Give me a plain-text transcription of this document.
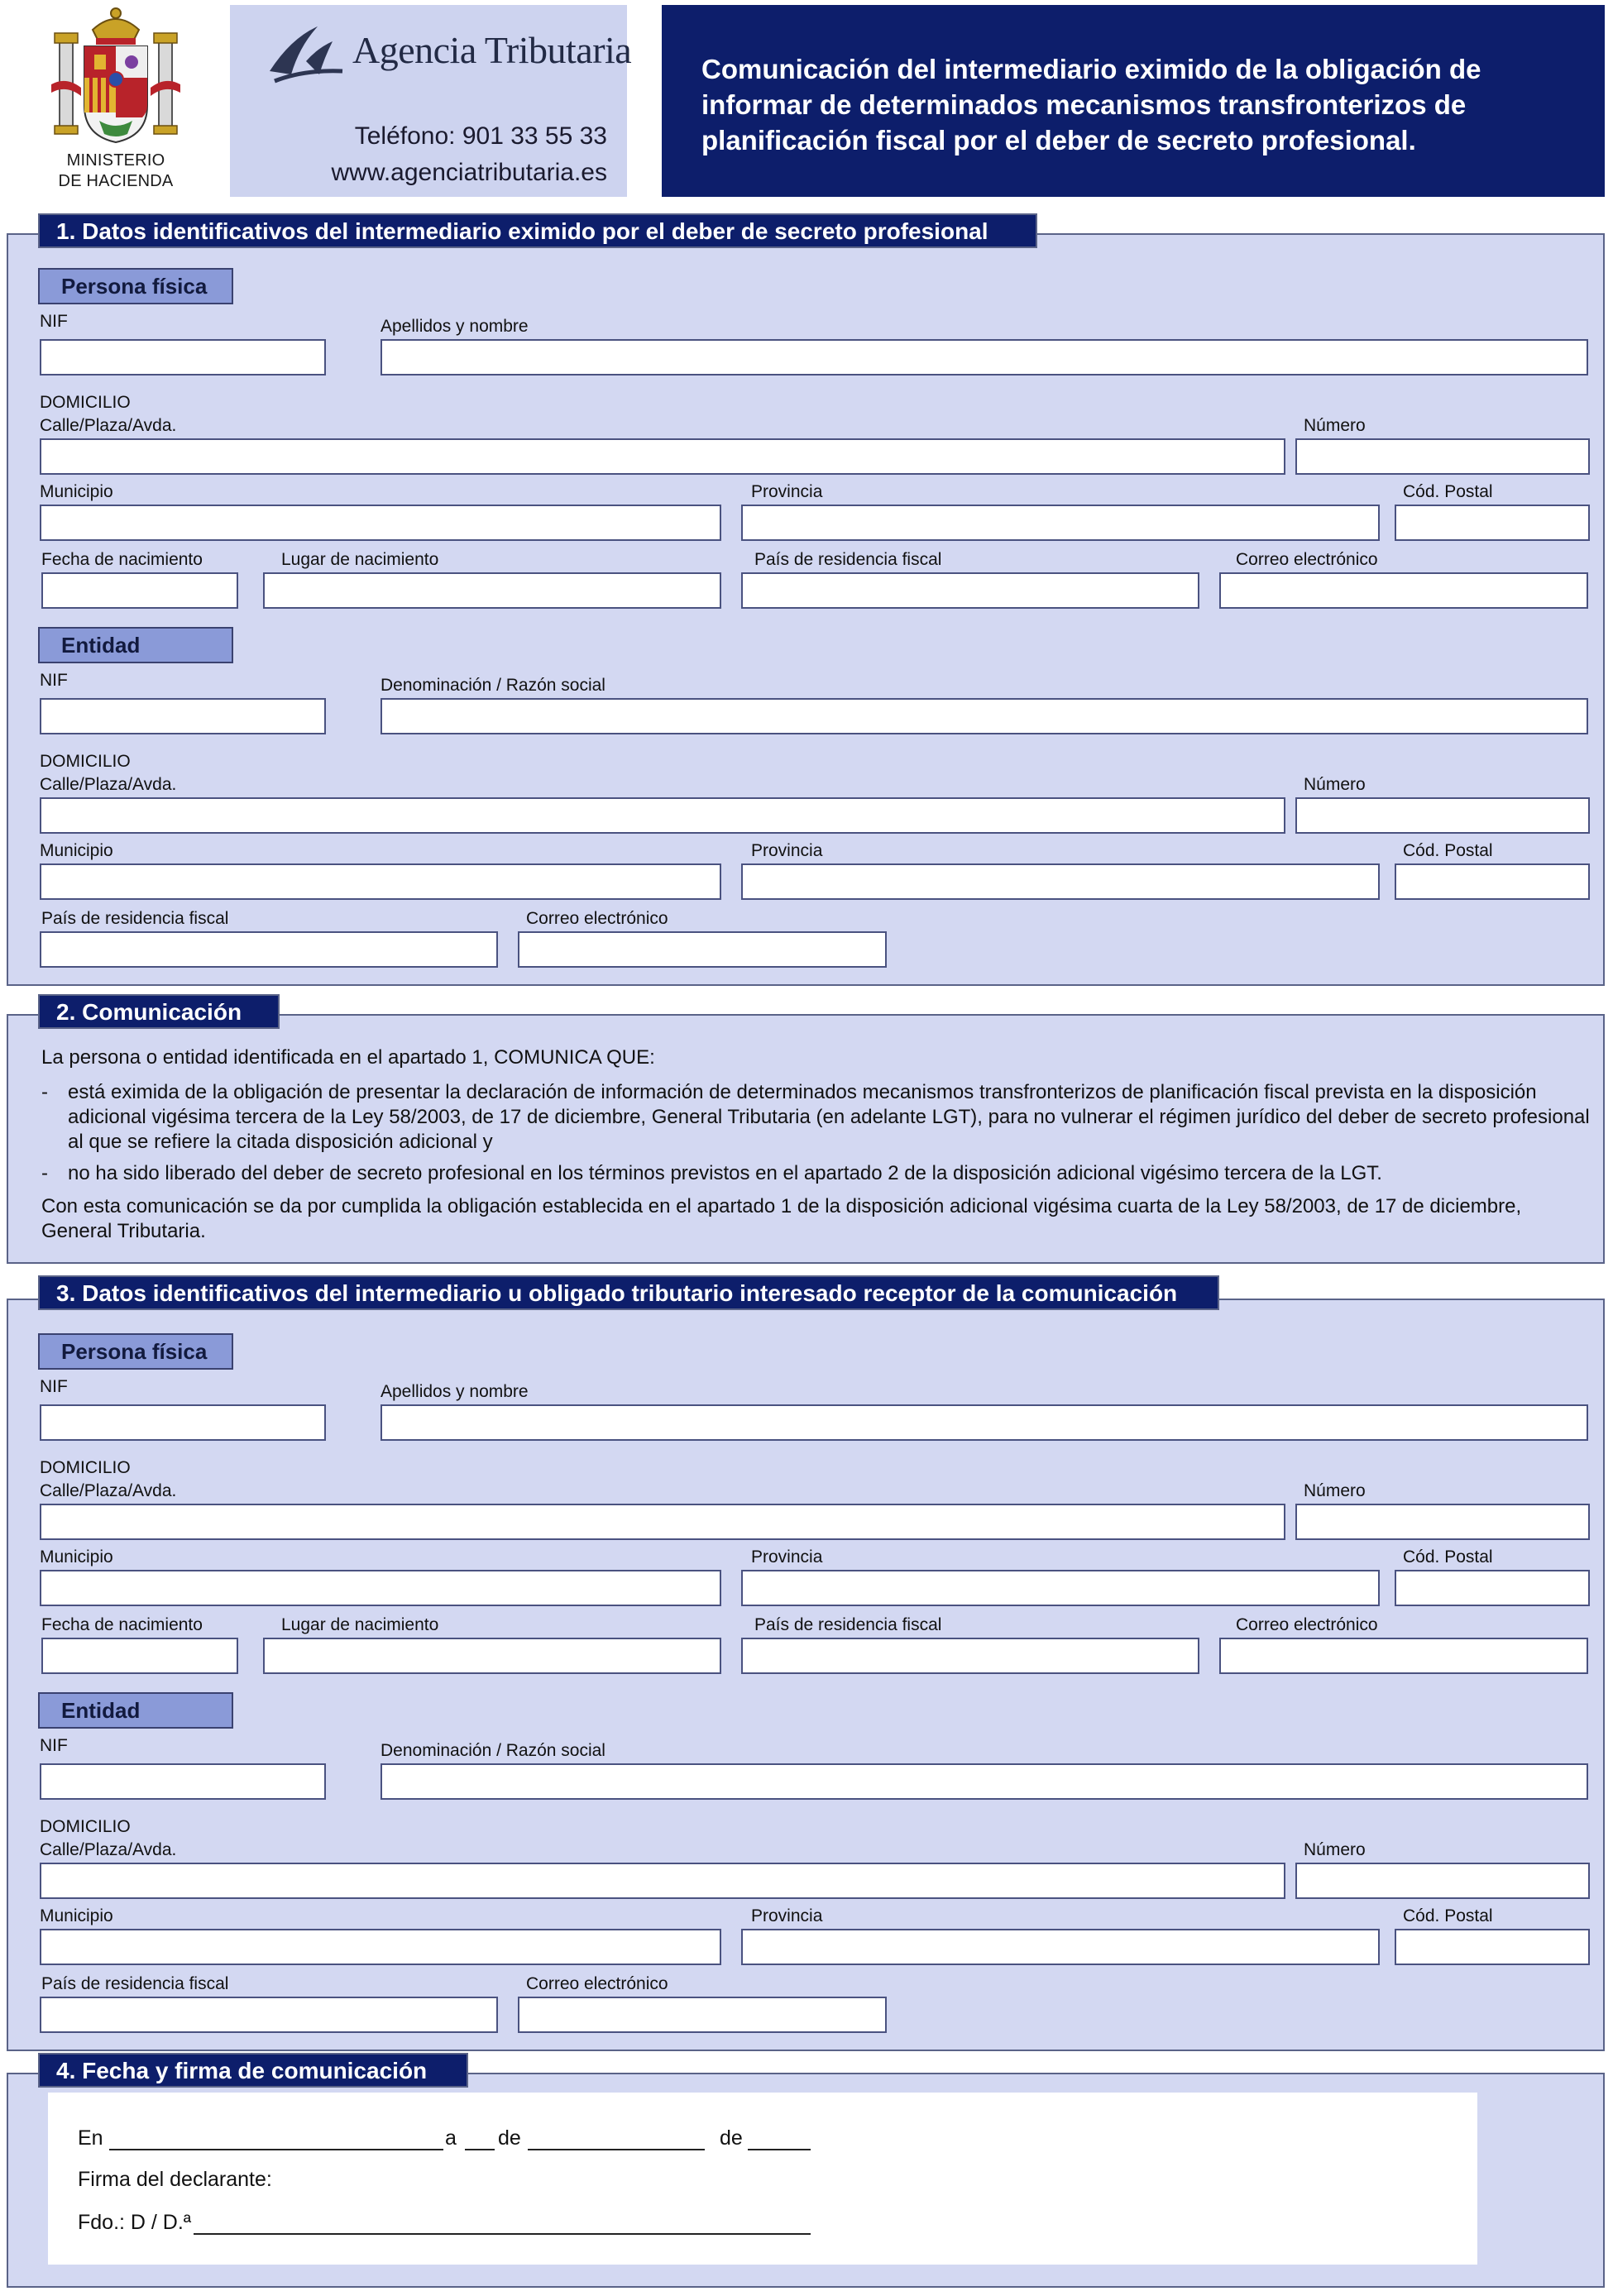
MINISTERIO
DE HACIENDA
Agencia Tributaria
Teléfono: 901 33 55 33
www.agenciatributaria.es
Comunicación del intermediario eximido de la obligación de informar de determinados mecanismos transfronterizos de planificación fiscal por el deber de secreto profesional.
Persona física
NIF	Apellidos y nombre
DOMICILIO
Calle/Plaza/Avda.	Número
Municipio	Provincia	Cód. Postal
Fecha de nacimiento	Lugar de nacimiento	País de residencia fiscal	Correo electrónico
Entidad
NIF	Denominación / Razón social
DOMICILIO
Calle/Plaza/Avda.	Número
Municipio	Provincia	Cód. Postal
País de residencia fiscal	Correo electrónico
1. Datos identificativos del intermediario eximido por el deber de secreto profesional
La persona o entidad identificada en el apartado 1, COMUNICA QUE:
- está eximida de la obligación de presentar la declaración de información de determinados mecanismos transfronterizos de planificación fiscal prevista en la disposición adicional vigésima tercera de la Ley 58/2003, de 17 de diciembre, General Tributaria (en adelante LGT), para no vulnerar el régimen jurídico del deber de secreto profesional al que se refiere la citada disposición adicional y
- no ha sido liberado del deber de secreto profesional en los términos previstos en el apartado 2 de la disposición adicional vigésimo tercera de la LGT.
Con esta comunicación se da por cumplida la obligación establecida en el apartado 1 de la disposición adicional vigésima cuarta de la Ley 58/2003, de 17 de diciembre, General Tributaria.
2. Comunicación
Persona física
NIF	Apellidos y nombre
DOMICILIO
Calle/Plaza/Avda.	Número
Municipio	Provincia	Cód. Postal
Fecha de nacimiento	Lugar de nacimiento	País de residencia fiscal	Correo electrónico
Entidad
NIF	Denominación / Razón social
DOMICILIO
Calle/Plaza/Avda.	Número
Municipio	Provincia	Cód. Postal
País de residencia fiscal	Correo electrónico
3. Datos identificativos del intermediario u obligado tributario interesado receptor de la comunicación
En	a de	de
Firma del declarante:
Fdo.: D / D.ª
4. Fecha y firma de comunicación
